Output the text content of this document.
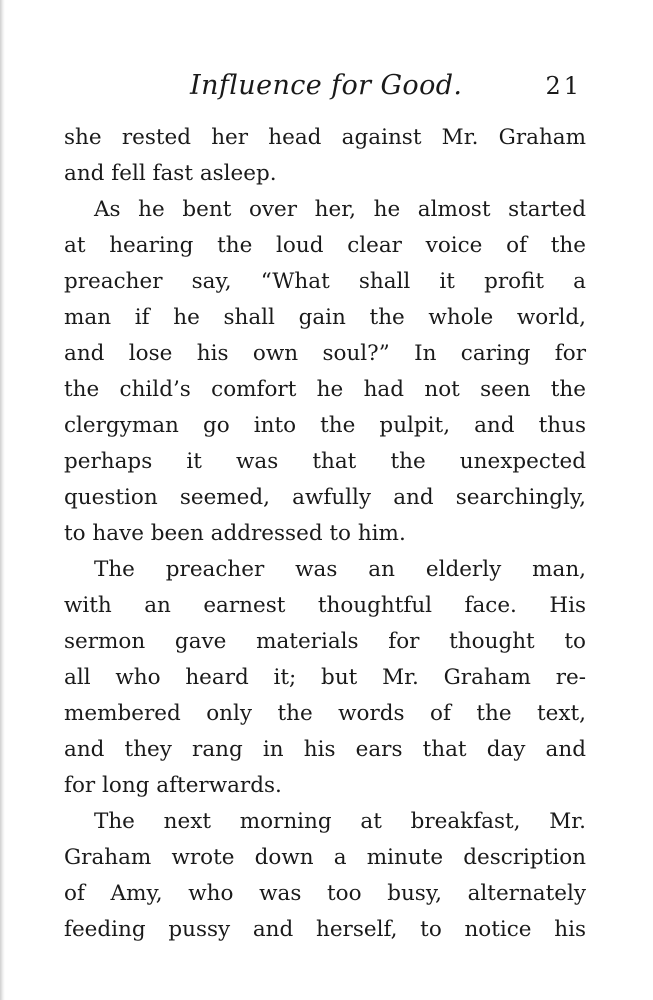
Influence for Good.	21
she rested her head against Mr. Graham
and fell fast asleep.
As he bent over her, he almost started
at hearing the loud clear voice of the
preacher say, “What shall it profit a
man if he shall gain the whole world,
and lose his own soul?” In caring for
the child’s comfort he had not seen the
clergyman go into the pulpit, and thus
perhaps it was that the unexpected
question seemed, awfully and searchingly,
to have been addressed to him.
The preacher was an elderly man,
with an earnest thoughtful face. His
sermon gave materials for thought to
all who heard it; but Mr. Graham re-
membered only the words of the text,
and they rang in his ears that day and
for long afterwards.
The next morning at breakfast, Mr.
Graham wrote down a minute description
of Amy, who was too busy, alternately
feeding pussy and herself, to notice his
